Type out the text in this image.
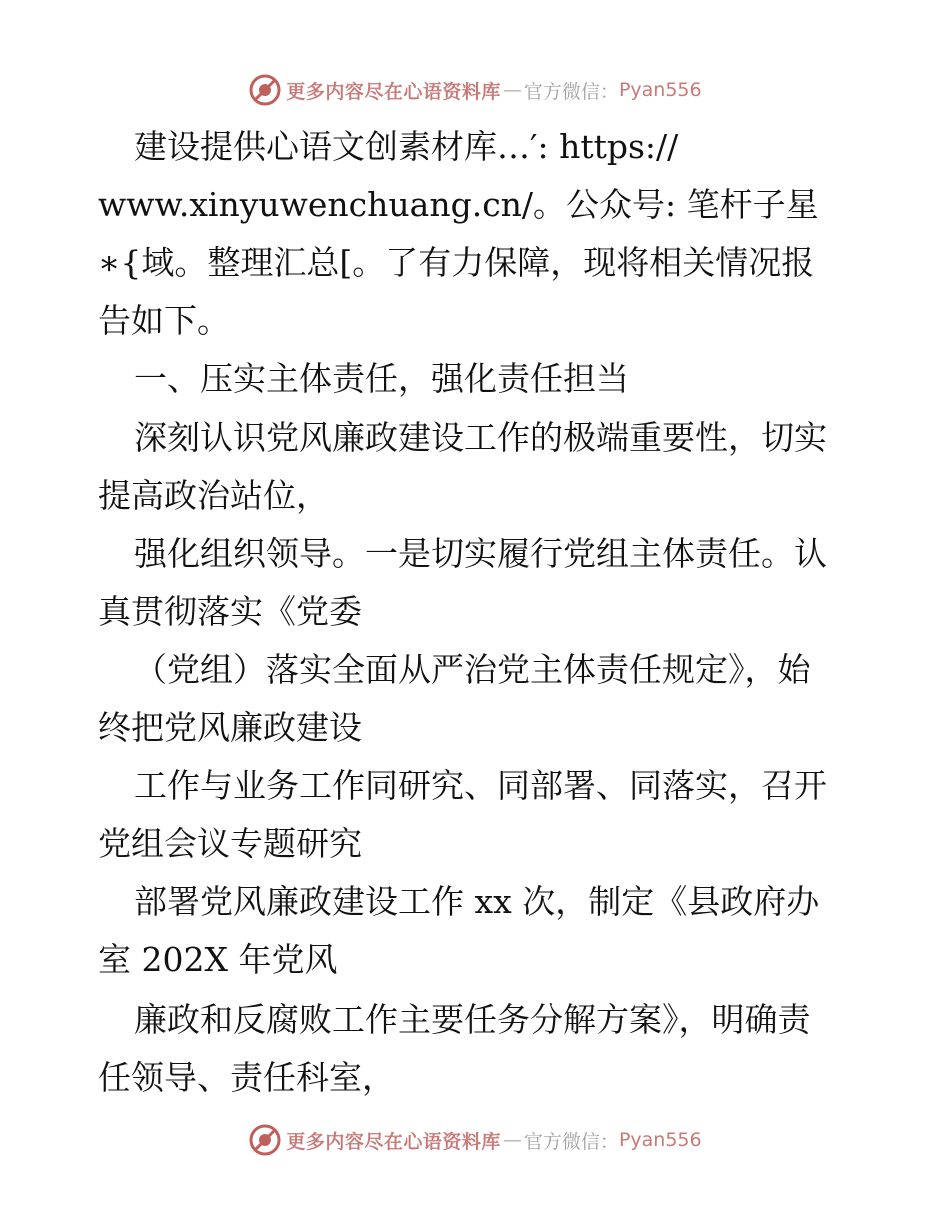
更多内容尽在心语资料库 — 官方微信： Pyan556
建设提供心语文创素材库…′: https://
www.xinyuwenchuang.cn/。公众号: 笔杆子星
∗{域。整理汇总[。了有力保障，现将相关情况报
告如下。
一、压实主体责任，强化责任担当
深刻认识党风廉政建设工作的极端重要性，切实
提高政治站位，
强化组织领导。一是切实履行党组主体责任。认
真贯彻落实《党委
（党组）落实全面从严治党主体责任规定》，始
终把党风廉政建设
工作与业务工作同研究、同部署、同落实，召开
党组会议专题研究
部署党风廉政建设工作 xx 次，制定《县政府办
室 202X 年党风
廉政和反腐败工作主要任务分解方案》，明确责
任领导、责任科室，
更多内容尽在心语资料库 — 官方微信： Pyan556
